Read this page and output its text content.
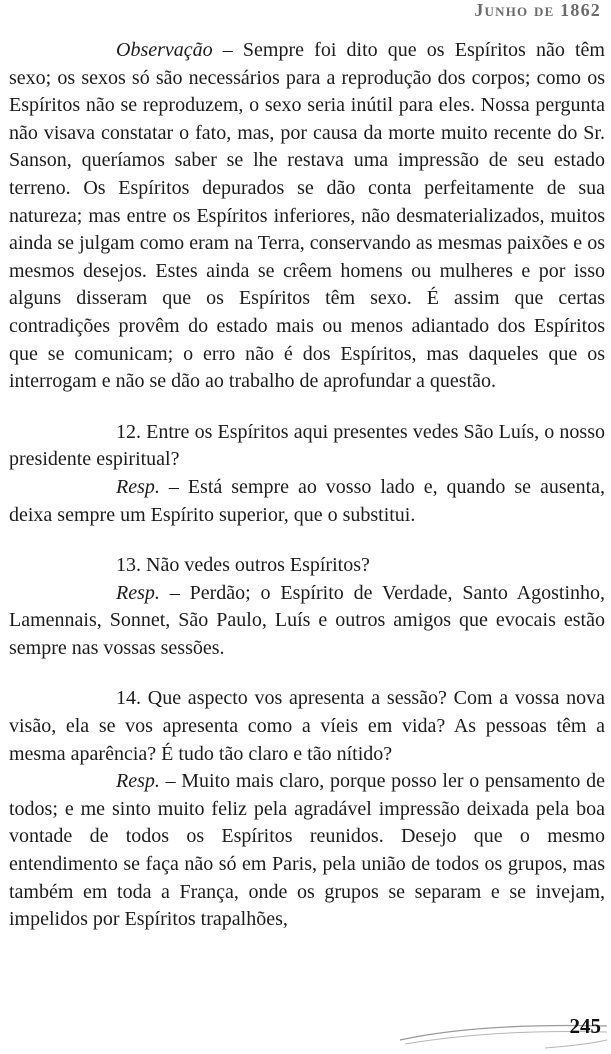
Junho de 1862

Observação – Sempre foi dito que os Espíritos não têm sexo; os sexos só são necessários para a reprodução dos corpos; como os Espíritos não se reproduzem, o sexo seria inútil para eles. Nossa pergunta não visava constatar o fato, mas, por causa da morte muito recente do Sr. Sanson, queríamos saber se lhe restava uma impressão de seu estado terreno. Os Espíritos depurados se dão conta perfeitamente de sua natureza; mas entre os Espíritos inferiores, não desmaterializados, muitos ainda se julgam como eram na Terra, conservando as mesmas paixões e os mesmos desejos. Estes ainda se crêem homens ou mulheres e por isso alguns disseram que os Espíritos têm sexo. É assim que certas contradições provêm do estado mais ou menos adiantado dos Espíritos que se comunicam; o erro não é dos Espíritos, mas daqueles que os interrogam e não se dão ao trabalho de aprofundar a questão.

12. Entre os Espíritos aqui presentes vedes São Luís, o nosso presidente espiritual?

Resp. – Está sempre ao vosso lado e, quando se ausenta, deixa sempre um Espírito superior, que o substitui.

13. Não vedes outros Espíritos?

Resp. – Perdão; o Espírito de Verdade, Santo Agostinho, Lamennais, Sonnet, São Paulo, Luís e outros amigos que evocais estão sempre nas vossas sessões.

14. Que aspecto vos apresenta a sessão? Com a vossa nova visão, ela se vos apresenta como a víeis em vida? As pessoas têm a mesma aparência? É tudo tão claro e tão nítido?

Resp. – Muito mais claro, porque posso ler o pensamento de todos; e me sinto muito feliz pela agradável impressão deixada pela boa vontade de todos os Espíritos reunidos. Desejo que o mesmo entendimento se faça não só em Paris, pela união de todos os grupos, mas também em toda a França, onde os grupos se separam e se invejam, impelidos por Espíritos trapalhões,

245
